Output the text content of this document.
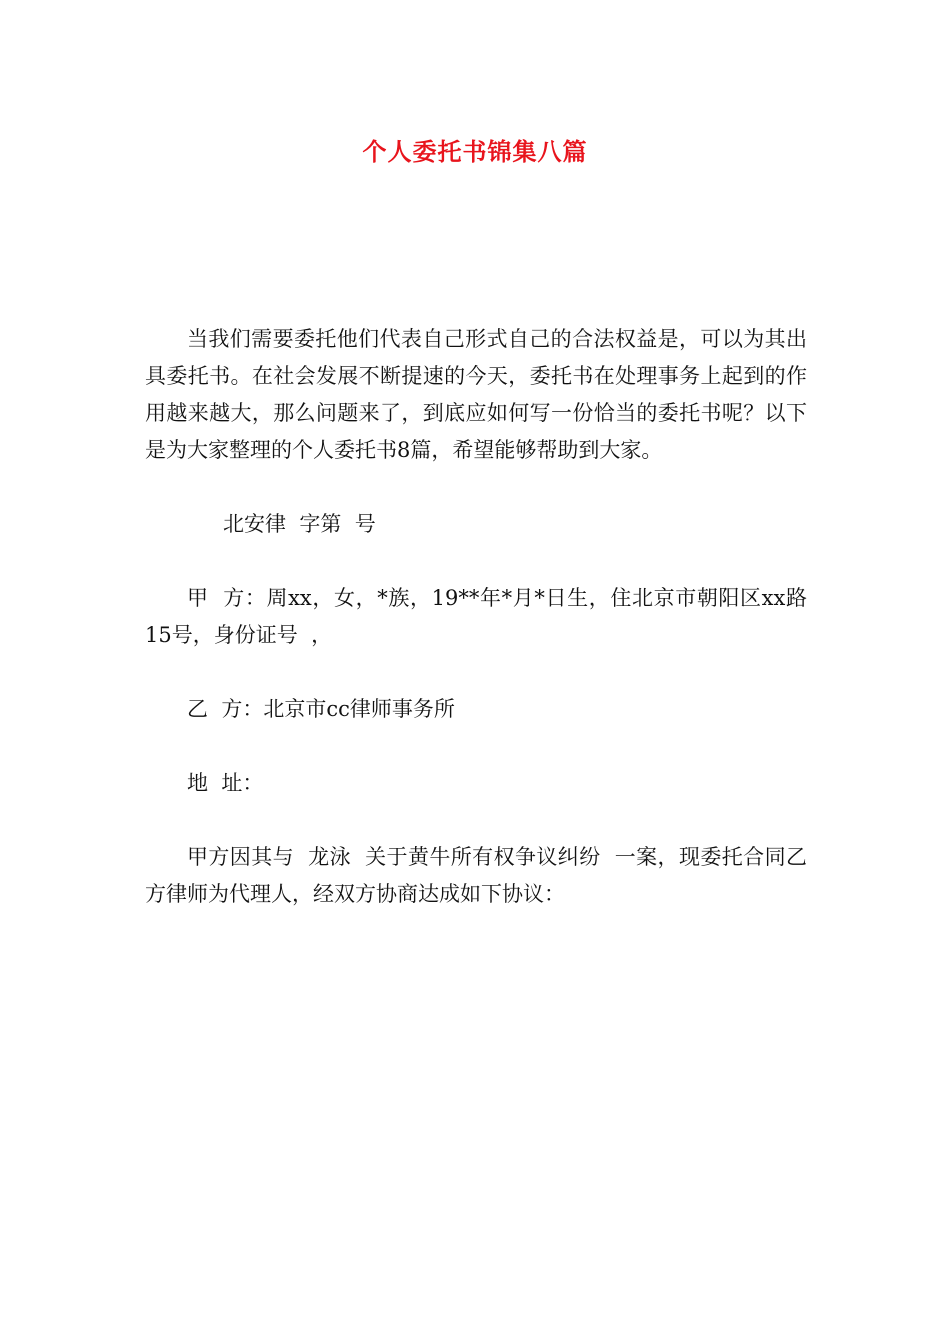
个人委托书锦集八篇

当我们需要委托他们代表自己形式自己的合法权益是，可以为其出具委托书。在社会发展不断提速的今天，委托书在处理事务上起到的作用越来越大，那么问题来了，到底应如何写一份恰当的委托书呢？以下是为大家整理的个人委托书8篇，希望能够帮助到大家。

北安律  字第  号

甲  方：周xx，女，*族，19**年*月*日生，住北京市朝阳区xx路15号，身份证号  ，

乙  方：北京市cc律师事务所

地  址：

甲方因其与  龙泳  关于黄牛所有权争议纠纷  一案，现委托合同乙方律师为代理人，经双方协商达成如下协议：
